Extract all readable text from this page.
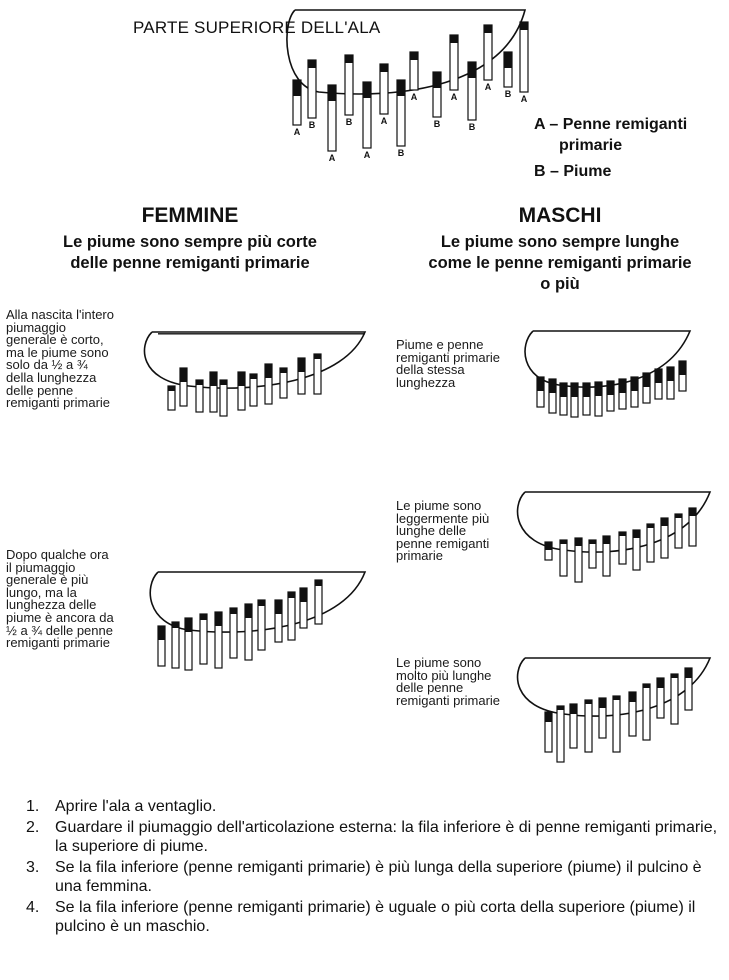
PARTE SUPERIORE DELL'ALA
A
B
A
B
A
A
B
A
B
A
B
A
B A
A – Penne remiganti
primarie
B – Piume
FEMMINE
Le piume sono sempre più corte
delle penne remiganti primarie
Alla nascita l'intero piumaggio generale è corto, ma le piume sono solo da ½ a ¾ della lunghezza delle penne remiganti primarie
Dopo qualche ora il piumaggio generale è più lungo, ma la lunghezza delle piume è ancora da ½ a ¾ delle penne remiganti primarie
MASCHI
Le piume sono sempre lunghe
come le penne remiganti primarie
o più
Piume e penne remiganti primarie della stessa lunghezza
Le piume sono leggermente più lunghe delle penne remiganti primarie
Le piume sono molto più lunghe delle penne remiganti primarie
1. Aprire l'ala a ventaglio.
2. Guardare il piumaggio dell'articolazione esterna: la fila inferiore è di penne remiganti primarie, la superiore di piume.
3. Se la fila inferiore (penne remiganti primarie) è più lunga della superiore (piume) il pulcino è una femmina.
4. Se la fila inferiore (penne remiganti primarie) è uguale o più corta della superiore (piume) il pulcino è un maschio.
